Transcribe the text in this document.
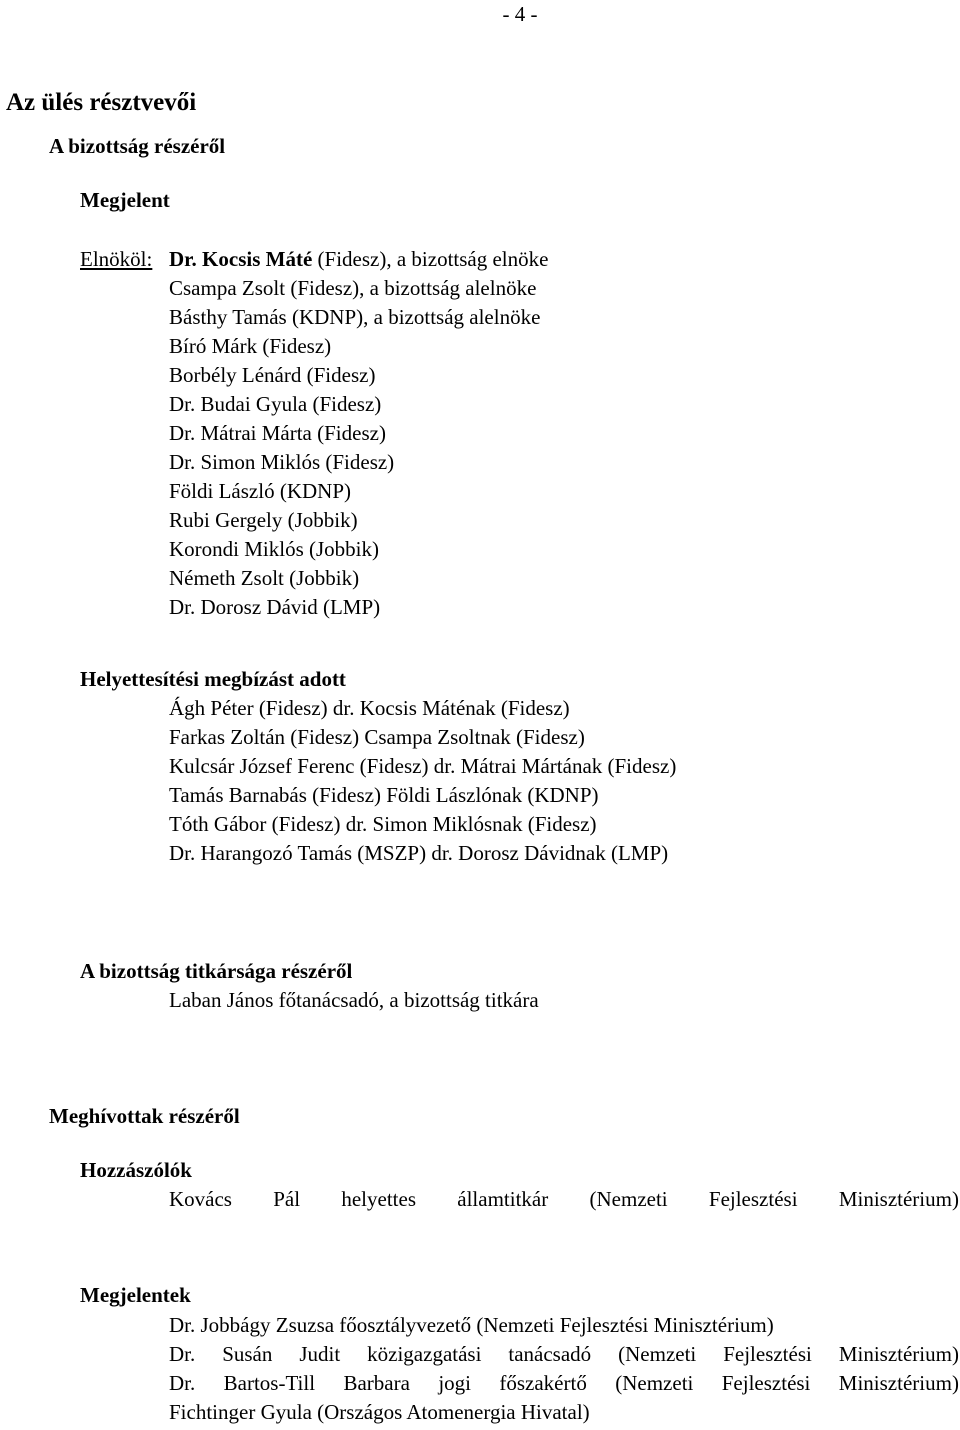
- 4 -
Az ülés résztvevői
A bizottság részéről
Megjelent
Elnököl: Dr. Kocsis Máté (Fidesz), a bizottság elnöke
Csampa Zsolt (Fidesz), a bizottság alelnöke
Básthy Tamás (KDNP), a bizottság alelnöke
Bíró Márk (Fidesz)
Borbély Lénárd (Fidesz)
Dr. Budai Gyula (Fidesz)
Dr. Mátrai Márta (Fidesz)
Dr. Simon Miklós (Fidesz)
Földi László (KDNP)
Rubi Gergely (Jobbik)
Korondi Miklós (Jobbik)
Németh Zsolt (Jobbik)
Dr. Dorosz Dávid (LMP)
Helyettesítési megbízást adott
Ágh Péter (Fidesz) dr. Kocsis Máténak (Fidesz)
Farkas Zoltán (Fidesz) Csampa Zsoltnak (Fidesz)
Kulcsár József Ferenc (Fidesz) dr. Mátrai Mártának (Fidesz)
Tamás Barnabás (Fidesz) Földi Lászlónak (KDNP)
Tóth Gábor (Fidesz) dr. Simon Miklósnak (Fidesz)
Dr. Harangozó Tamás (MSZP) dr. Dorosz Dávidnak (LMP)
A bizottság titkársága részéről
Laban János főtanácsadó, a bizottság titkára
Meghívottak részéről
Hozzászólók
Kovács Pál helyettes államtitkár (Nemzeti Fejlesztési Minisztérium)
Megjelentek
Dr. Jobbágy Zsuzsa főosztályvezető (Nemzeti Fejlesztési Minisztérium)
Dr. Susán Judit közigazgatási tanácsadó (Nemzeti Fejlesztési Minisztérium)
Dr. Bartos-Till Barbara jogi főszakértő (Nemzeti Fejlesztési Minisztérium)
Fichtinger Gyula (Országos Atomenergia Hivatal)
